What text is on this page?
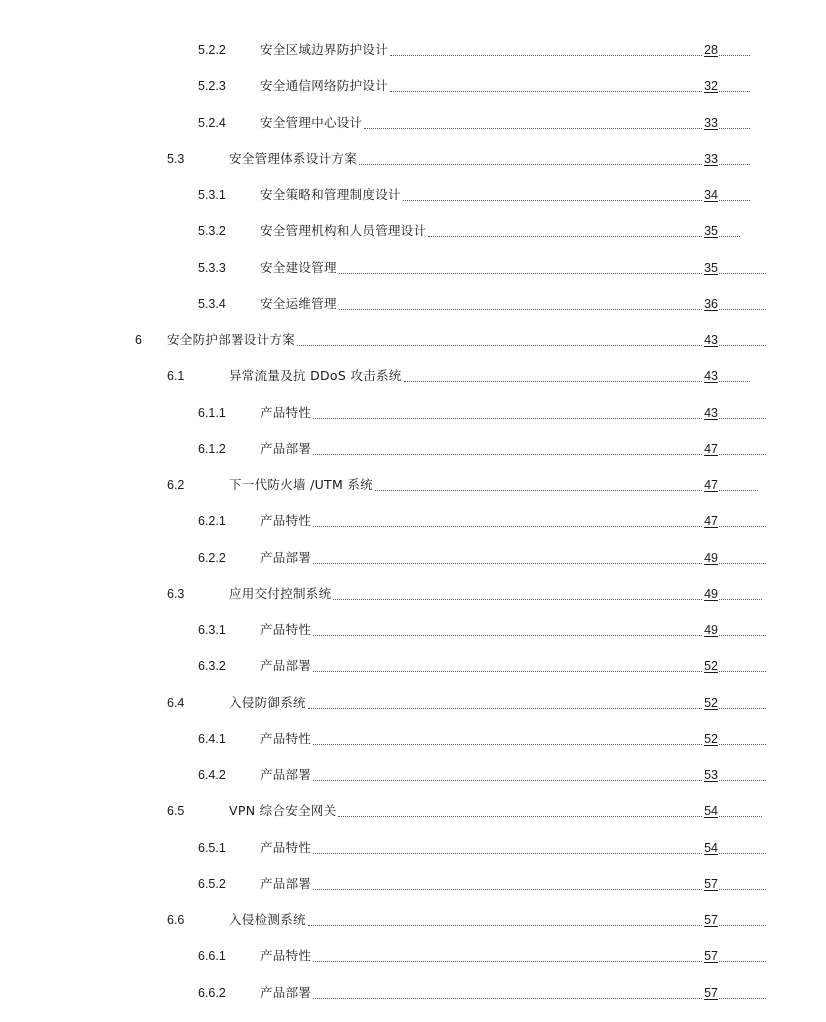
5.2.2	安全区域边界防护设计	28
5.2.3	安全通信网络防护设计	32
5.2.4	安全管理中心设计	33
5.3	安全管理体系设计方案	33
5.3.1	安全策略和管理制度设计	34
5.3.2	安全管理机构和人员管理设计	35
5.3.3	安全建设管理	35
5.3.4	安全运维管理	36
6	安全防护部署设计方案	43
6.1	异常流量及抗 DDoS 攻击系统	43
6.1.1	产品特性	43
6.1.2	产品部署	47
6.2	下一代防火墙 /UTM 系统	47
6.2.1	产品特性	47
6.2.2	产品部署	49
6.3	应用交付控制系统	49
6.3.1	产品特性	49
6.3.2	产品部署	52
6.4	入侵防御系统	52
6.4.1	产品特性	52
6.4.2	产品部署	53
6.5	VPN 综合安全网关	54
6.5.1	产品特性	54
6.5.2	产品部署	57
6.6	入侵检测系统	57
6.6.1	产品特性	57
6.6.2	产品部署	57
